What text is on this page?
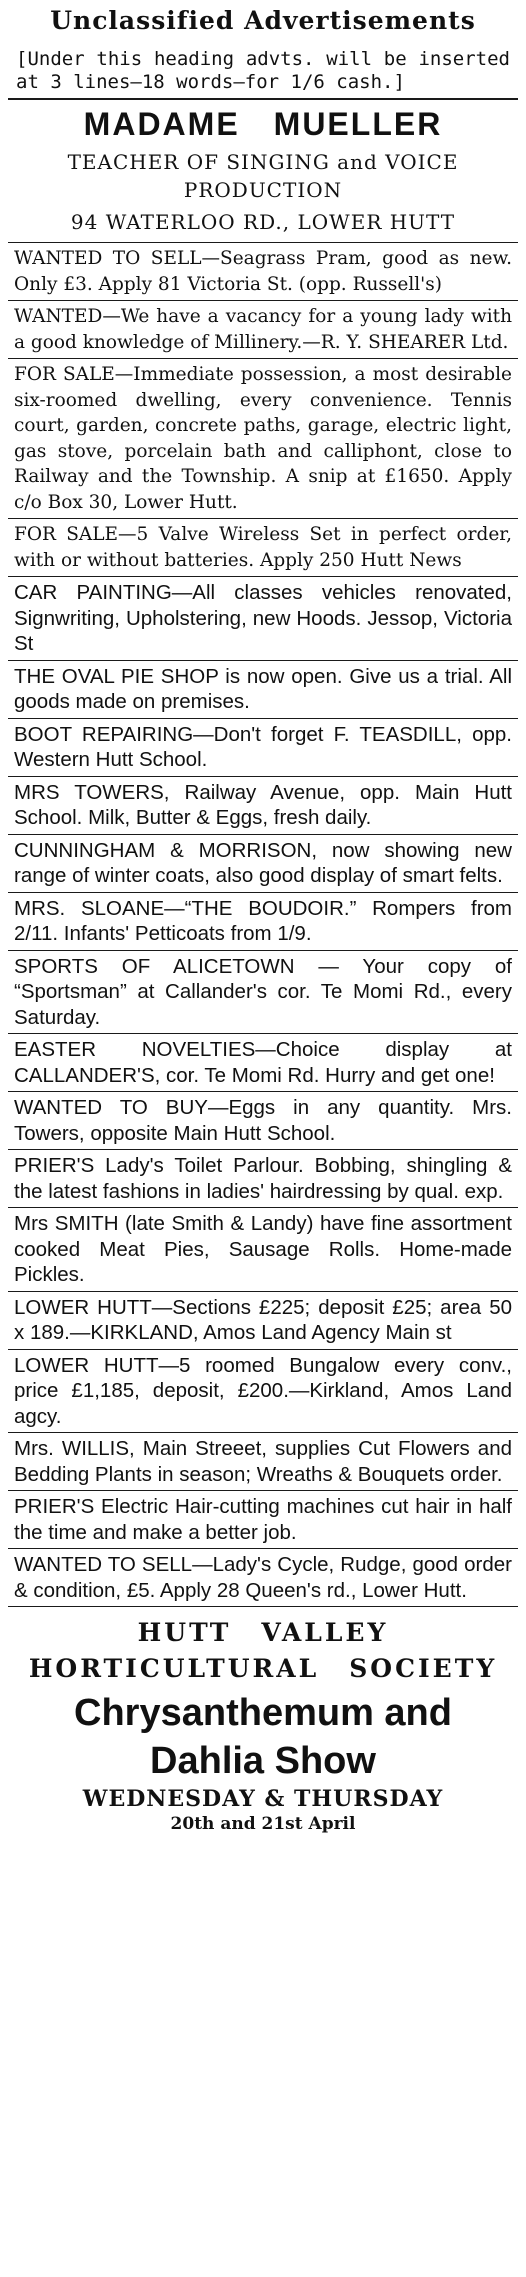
Unclassified Advertisements

[Under this heading advts. will be inserted at 3 lines—18 words—for 1/6 cash.]

MADAME MUELLER
TEACHER OF SINGING and VOICE PRODUCTION
94 WATERLOO RD., LOWER HUTT

WANTED TO SELL—Seagrass Pram, good as new. Only £3. Apply 81 Victoria St. (opp. Russell's)

WANTED—We have a vacancy for a young lady with a good knowledge of Millinery.—R. Y. SHEARER Ltd.

FOR SALE—Immediate possession, a most desirable six-roomed dwelling, every convenience. Tennis court, garden, concrete paths, garage, electric light, gas stove, porcelain bath and calliphont, close to Railway and the Township. A snip at £1650. Apply c/o Box 30, Lower Hutt.

FOR SALE—5 Valve Wireless Set in perfect order, with or without batteries. Apply 250 Hutt News

CAR PAINTING—All classes vehicles renovated, Signwriting, Upholstering, new Hoods. Jessop, Victoria St

THE OVAL PIE SHOP is now open. Give us a trial. All goods made on premises.

BOOT REPAIRING—Don't forget F. TEASDILL, opp. Western Hutt School.

MRS TOWERS, Railway Avenue, opp. Main Hutt School. Milk, Butter & Eggs, fresh daily.

CUNNINGHAM & MORRISON, now showing new range of winter coats, also good display of smart felts.

MRS. SLOANE—“THE BOUDOIR.” Rompers from 2/11. Infants' Petticoats from 1/9.

SPORTS OF ALICETOWN — Your copy of “Sportsman” at Callander's cor. Te Momi Rd., every Saturday.

EASTER NOVELTIES—Choice display at CALLANDER'S, cor. Te Momi Rd. Hurry and get one!

WANTED TO BUY—Eggs in any quantity. Mrs. Towers, opposite Main Hutt School.

PRIER'S Lady's Toilet Parlour. Bobbing, shingling & the latest fashions in ladies' hairdressing by qual. exp.

Mrs SMITH (late Smith & Landy) have fine assortment cooked Meat Pies, Sausage Rolls. Home-made Pickles.

LOWER HUTT—Sections £225; deposit £25; area 50 x 189.—KIRKLAND, Amos Land Agency Main st

LOWER HUTT—5 roomed Bungalow every conv., price £1,185, deposit, £200.—Kirkland, Amos Land agcy.

Mrs. WILLIS, Main Streeet, supplies Cut Flowers and Bedding Plants in season; Wreaths & Bouquets order.

PRIER'S Electric Hair-cutting machines cut hair in half the time and make a better job.

WANTED TO SELL—Lady's Cycle, Rudge, good order & condition, £5. Apply 28 Queen's rd., Lower Hutt.

HUTT VALLEY
HORTICULTURAL SOCIETY
Chrysanthemum and
Dahlia Show
WEDNESDAY & THURSDAY
20th and 21st April
